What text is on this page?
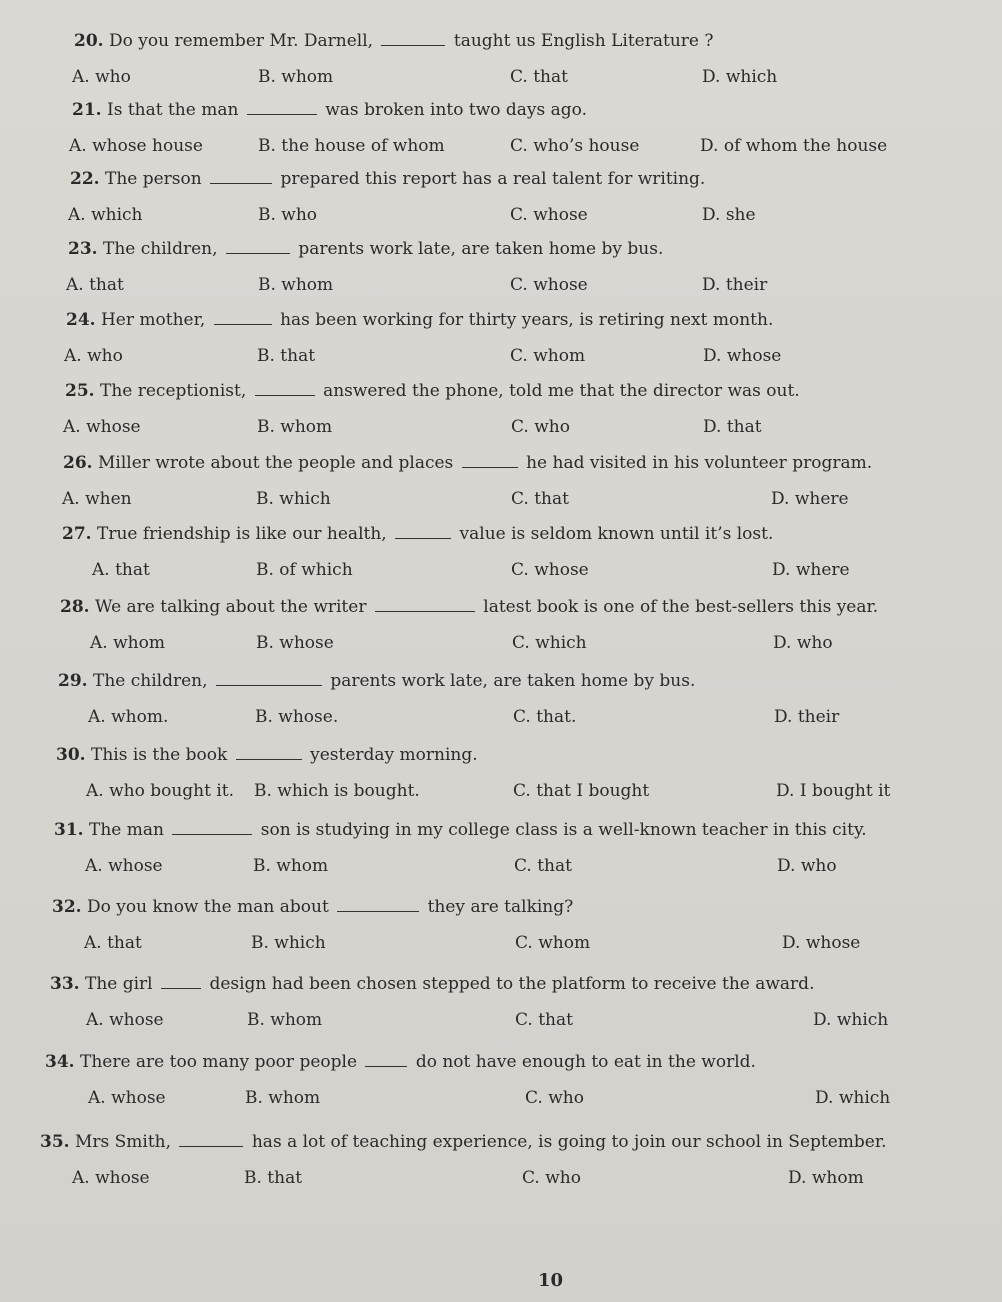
20. Do you remember Mr. Darnell,	taught us English Literature ?
A. who	B. whom	C. that	D. which
21. Is that the man	was broken into two days ago.
A. whose house	B. the house of whom	C. who’s house	D. of whom the house
22. The person	prepared this report has a real talent for writing.
A. which	B. who	C. whose	D. she
23. The children,	parents work late, are taken home by bus.
A. that	B. whom	C. whose	D. their
24. Her mother,	has been working for thirty years, is retiring next month.
A. who	B. that	C. whom	D. whose
25. The receptionist,	answered the phone, told me that the director was out.
A. whose	B. whom	C. who	D. that
26. Miller wrote about the people and places	he had visited in his volunteer program.
A. when	B. which	C. that	D. where
27. True friendship is like our health,	value is seldom known until it’s lost.
A. that	B. of which	C. whose	D. where
28. We are talking about the writer	latest book is one of the best-sellers this year.
A. whom	B. whose	C. which	D. who
29. The children,	parents work late, are taken home by bus.
A. whom.	B. whose.	C. that.	D. their
30. This is the book	yesterday morning.
A. who bought it. B. which is bought.	C. that I bought	D. I bought it
31. The man	son is studying in my college class is a well-known teacher in this city.
A. whose	B. whom	C. that	D. who
32. Do you know the man about	they are talking?
A. that	B. which	C. whom	D. whose
33. The girl	design had been chosen stepped to the platform to receive the award.
A. whose	B. whom	C. that	D. which
34. There are too many poor people	do not have enough to eat in the world.
A. whose	B. whom	C. who	D. which
35. Mrs Smith,	has a lot of teaching experience, is going to join our school in September.
A. whose	B. that	C. who	D. whom
10
